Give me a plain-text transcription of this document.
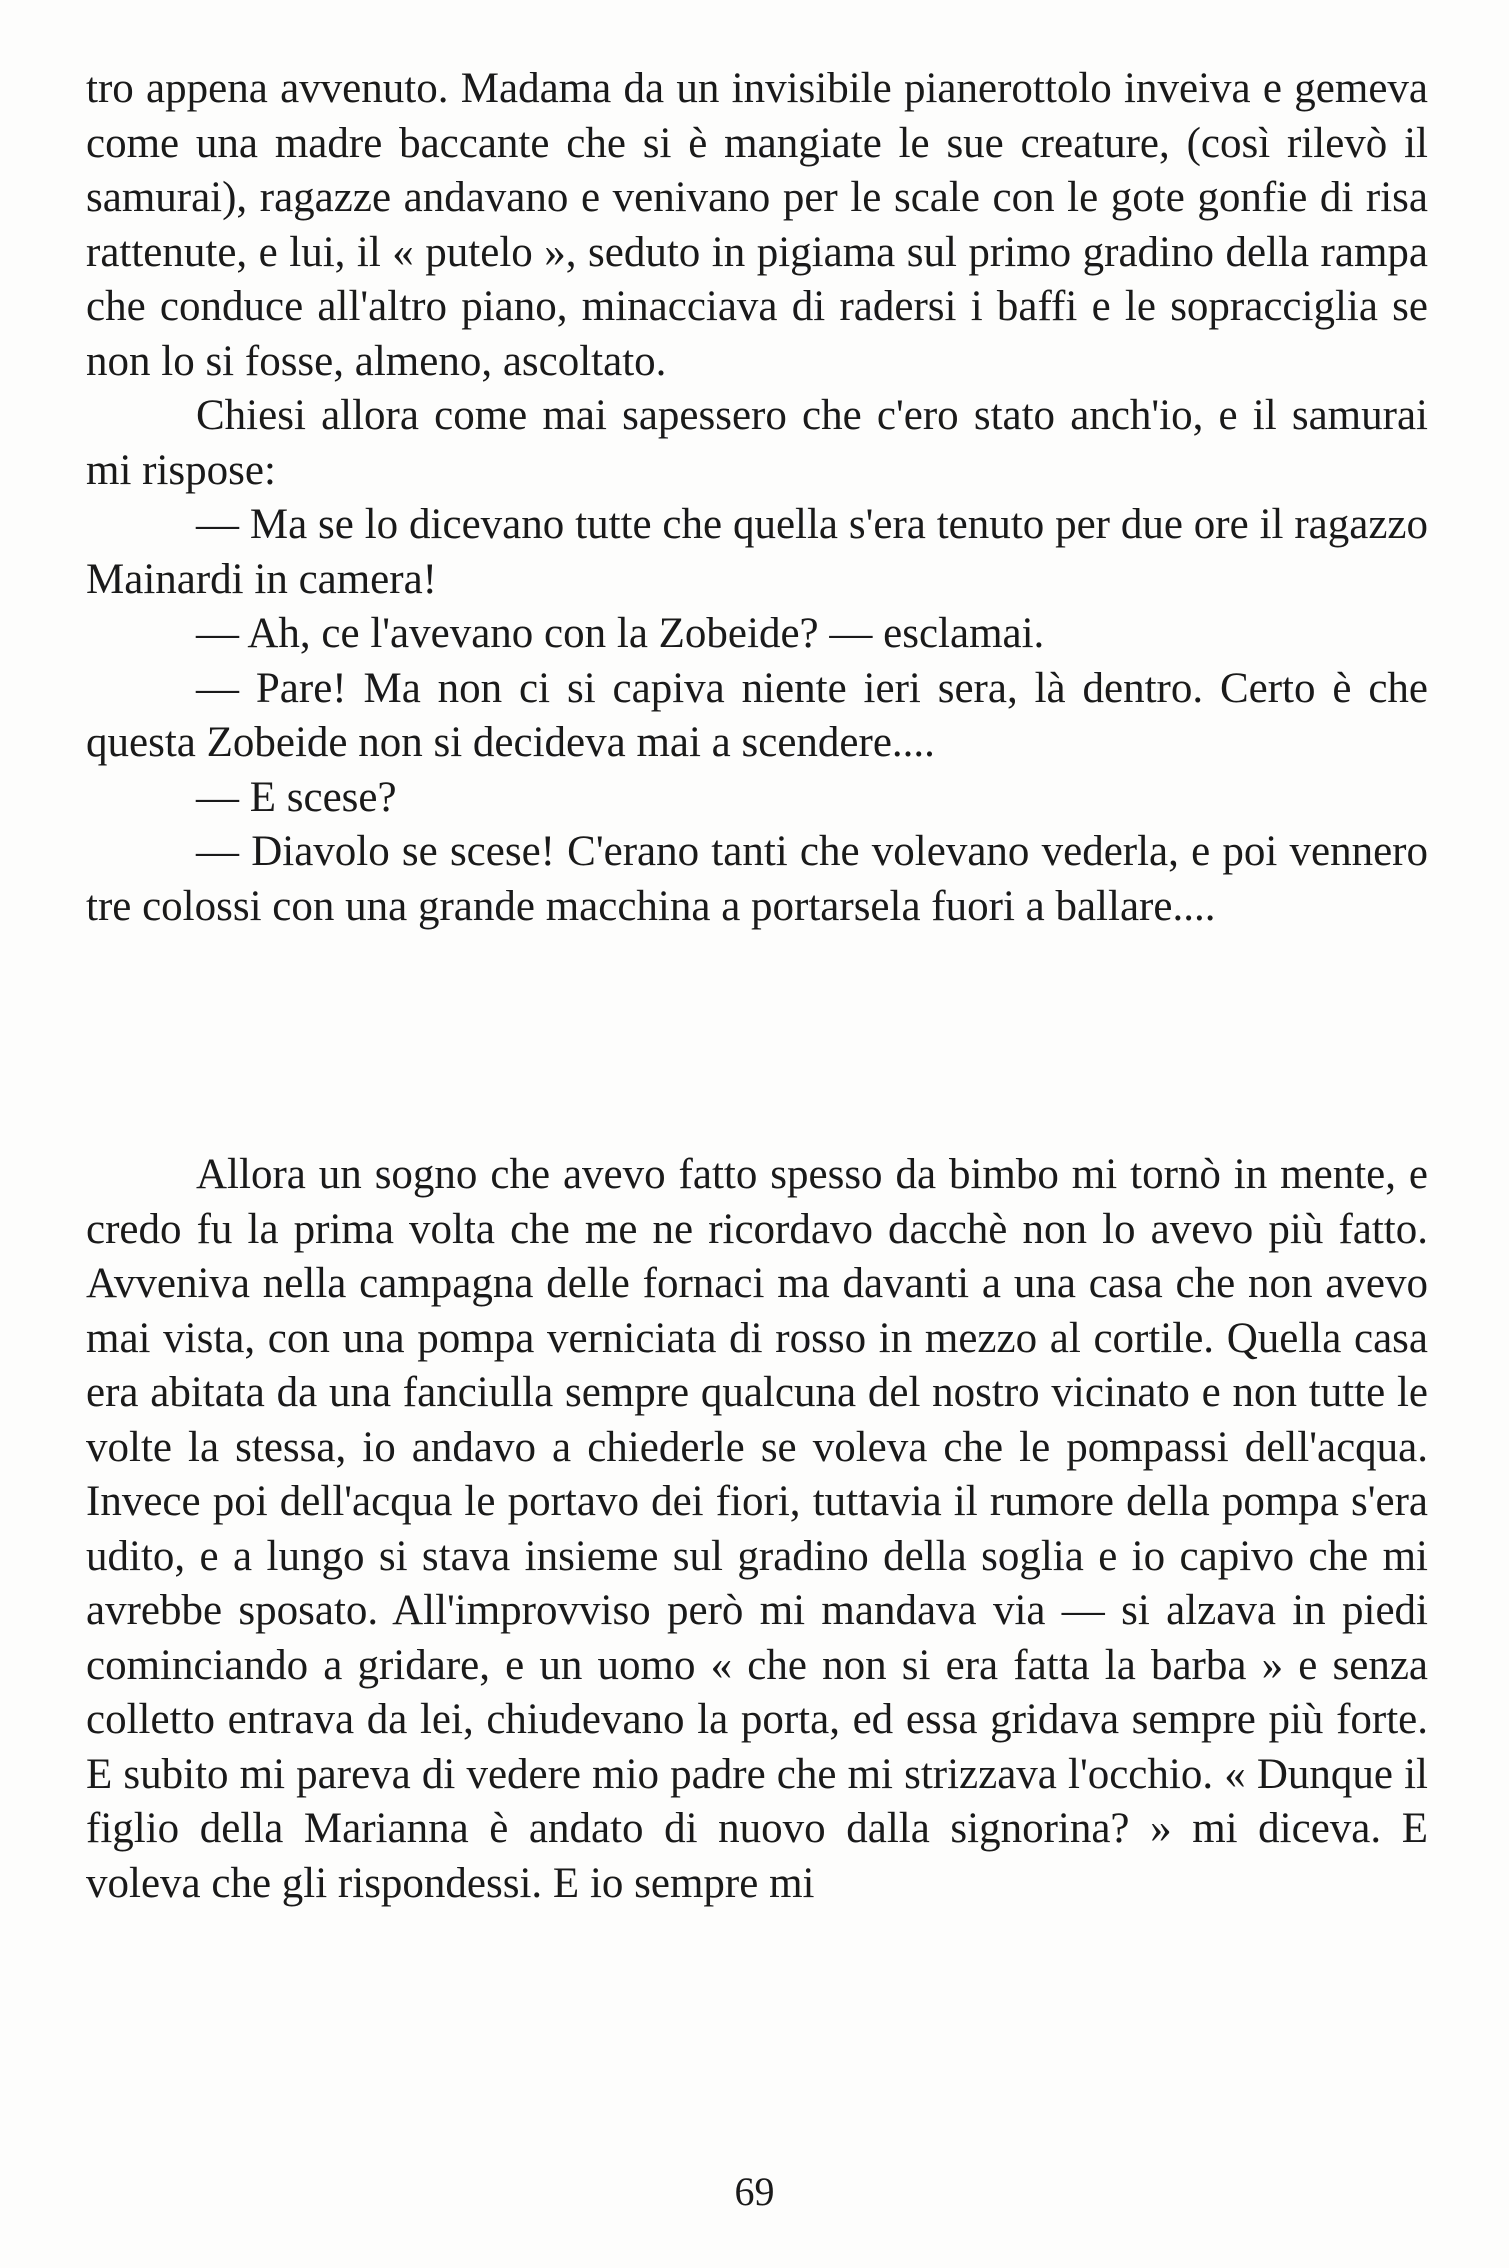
tro appena avvenuto. Madama da un invisibile pianerottolo inveiva e gemeva come una madre baccante che si è mangiate le sue creature, (così rilevò il samurai), ragazze andavano e venivano per le scale con le gote gonfie di risa rattenute, e lui, il « putelo », seduto in pigiama sul primo gradino della rampa che conduce all'altro piano, minacciava di radersi i baffi e le sopracciglia se non lo si fosse, almeno, ascoltato.

Chiesi allora come mai sapessero che c'ero stato anch'io, e il samurai mi rispose:

— Ma se lo dicevano tutte che quella s'era tenuto per due ore il ragazzo Mainardi in camera!

— Ah, ce l'avevano con la Zobeide? — esclamai.

— Pare! Ma non ci si capiva niente ieri sera, là dentro. Certo è che questa Zobeide non si decideva mai a scendere....

— E scese?

— Diavolo se scese! C'erano tanti che volevano vederla, e poi vennero tre colossi con una grande macchina a portarsela fuori a ballare....

Allora un sogno che avevo fatto spesso da bimbo mi tornò in mente, e credo fu la prima volta che me ne ricordavo dacchè non lo avevo più fatto. Avveniva nella campagna delle fornaci ma davanti a una casa che non avevo mai vista, con una pompa verniciata di rosso in mezzo al cortile. Quella casa era abitata da una fanciulla sempre qualcuna del nostro vicinato e non tutte le volte la stessa, io andavo a chiederle se voleva che le pompassi dell'acqua. Invece poi dell'acqua le portavo dei fiori, tuttavia il rumore della pompa s'era udito, e a lungo si stava insieme sul gradino della soglia e io capivo che mi avrebbe sposato. All'improvviso però mi mandava via — si alzava in piedi cominciando a gridare, e un uomo « che non si era fatta la barba » e senza colletto entrava da lei, chiudevano la porta, ed essa gridava sempre più forte. E subito mi pareva di vedere mio padre che mi strizzava l'occhio. « Dunque il figlio della Marianna è andato di nuovo dalla signorina? » mi diceva. E voleva che gli rispondessi. E io sempre mi

69
